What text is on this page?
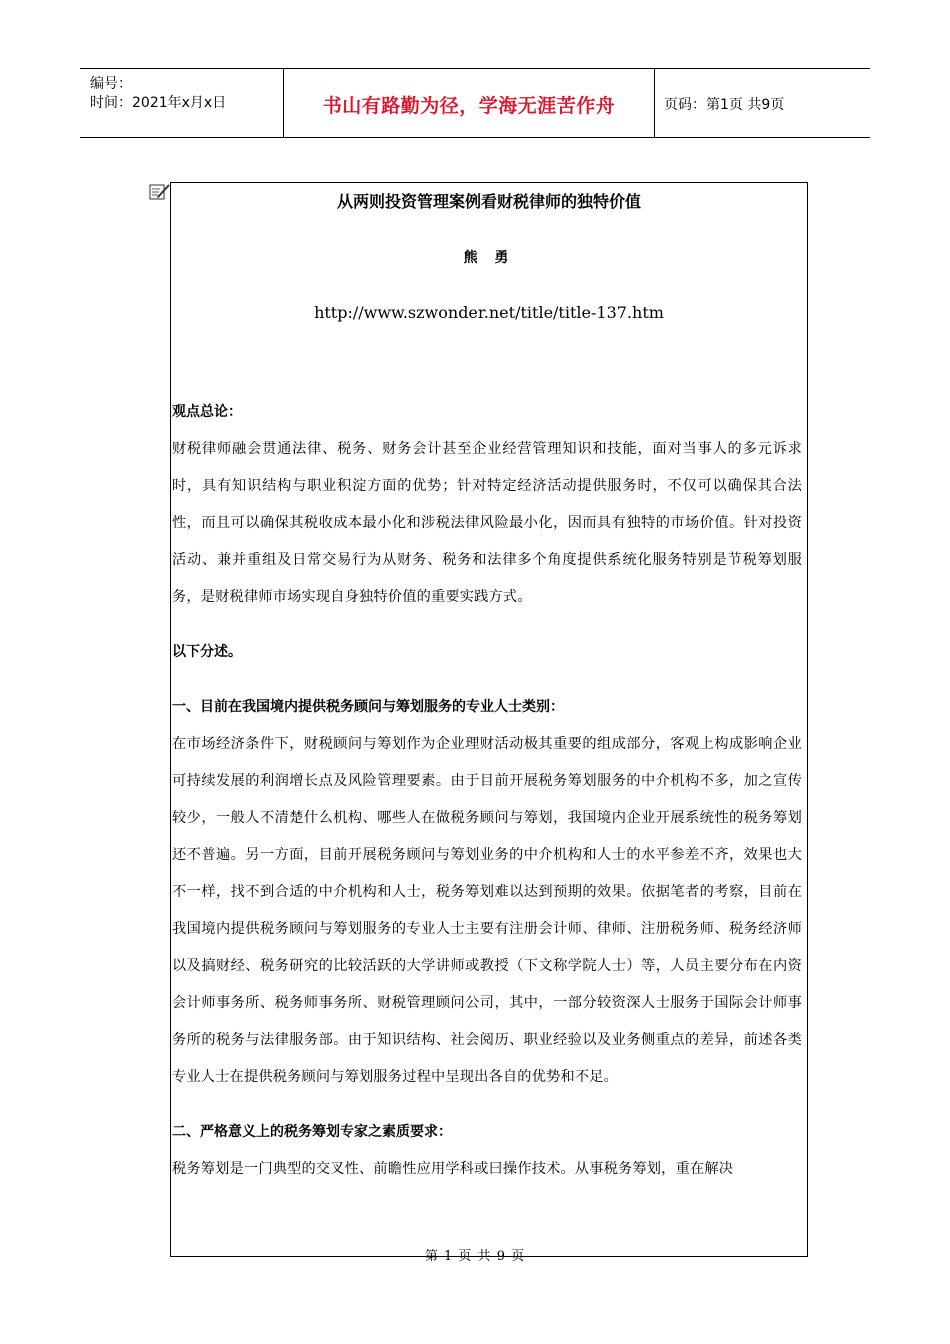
编号：
时间：2021年x月x日	书山有路勤为径，学海无涯苦作舟	页码：第1页 共9页
从两则投资管理案例看财税律师的独特价值
熊 勇
http://www.szwonder.net/title/title-137.htm

观点总论：

财税律师融会贯通法律、税务、财务会计甚至企业经营管理知识和技能，面对当事人的多元诉求时，具有知识结构与职业积淀方面的优势；针对特定经济活动提供服务时，不仅可以确保其合法性，而且可以确保其税收成本最小化和涉税法律风险最小化，因而具有独特的市场价值。针对投资活动、兼并重组及日常交易行为从财务、税务和法律多个角度提供系统化服务特别是节税筹划服务，是财税律师市场实现自身独特价值的重要实践方式。

以下分述。

一、目前在我国境内提供税务顾问与筹划服务的专业人士类别：

在市场经济条件下，财税顾问与筹划作为企业理财活动极其重要的组成部分，客观上构成影响企业可持续发展的利润增长点及风险管理要素。由于目前开展税务筹划服务的中介机构不多，加之宣传较少，一般人不清楚什么机构、哪些人在做税务顾问与筹划，我国境内企业开展系统性的税务筹划还不普遍。另一方面，目前开展税务顾问与筹划业务的中介机构和人士的水平参差不齐，效果也大不一样，找不到合适的中介机构和人士，税务筹划难以达到预期的效果。依据笔者的考察，目前在我国境内提供税务顾问与筹划服务的专业人士主要有注册会计师、律师、注册税务师、税务经济师以及搞财经、税务研究的比较活跃的大学讲师或教授（下文称学院人士）等，人员主要分布在内资会计师事务所、税务师事务所、财税管理顾问公司，其中，一部分较资深人士服务于国际会计师事务所的税务与法律服务部。由于知识结构、社会阅历、职业经验以及业务侧重点的差异，前述各类专业人士在提供税务顾问与筹划服务过程中呈现出各自的优势和不足。

二、严格意义上的税务筹划专家之素质要求：

税务筹划是一门典型的交叉性、前瞻性应用学科或曰操作技术。从事税务筹划，重在解决

第 1 页 共 9 页
